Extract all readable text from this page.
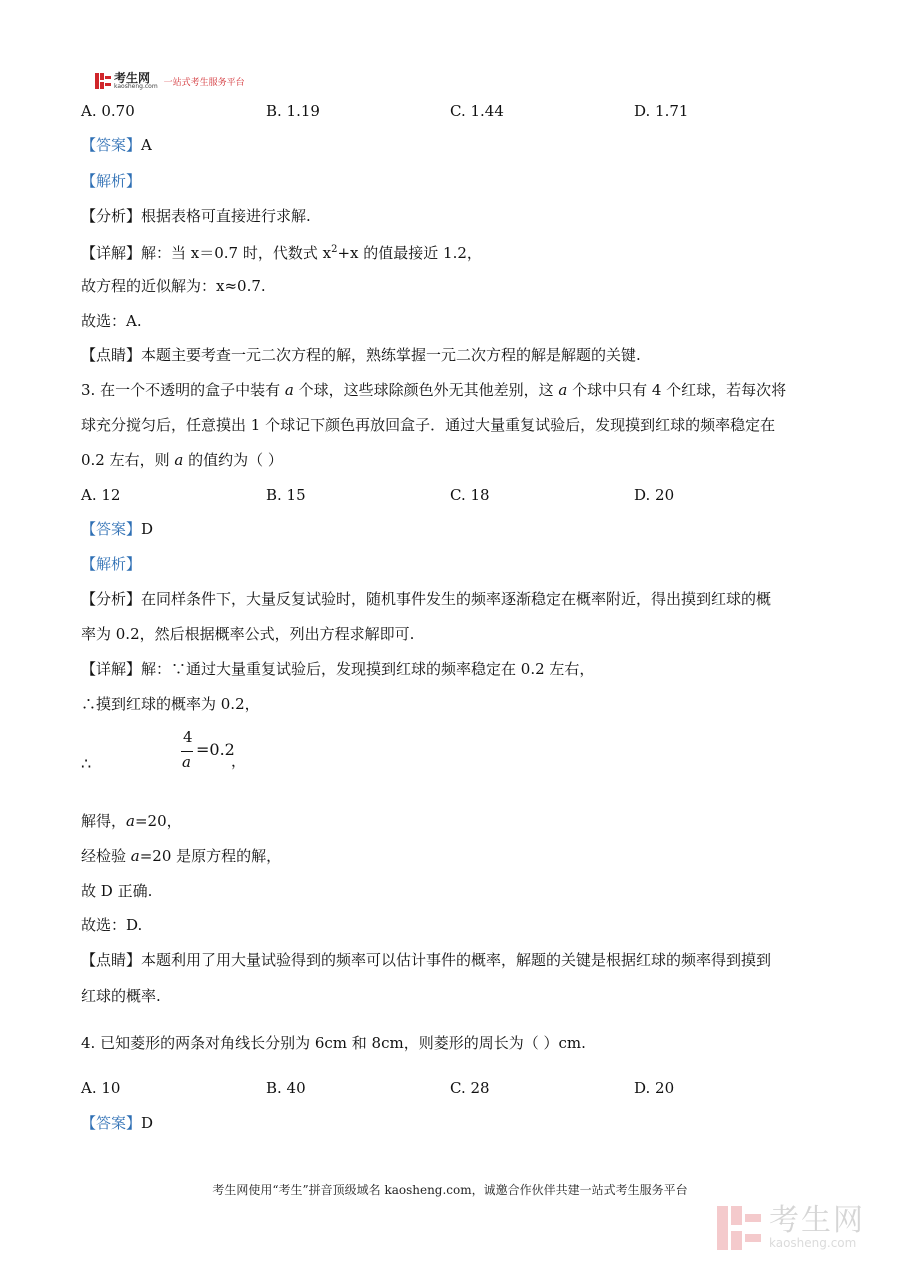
考生网
kaosheng.com 一站式考生服务平台
A. 0.70	B. 1.19	C. 1.44	D. 1.71
【答案】A
【解析】
【分析】根据表格可直接进行求解.
【详解】解：当 x＝0.7 时，代数式 $x^2+x$ 的值最接近 1.2，
故方程的近似解为：x≈0.7.
故选：A.
【点睛】本题主要考查一元二次方程的解，熟练掌握一元二次方程的解是解题的关键.
3. 在一个不透明的盒子中装有 a 个球，这些球除颜色外无其他差别，这 a 个球中只有 4 个红球，若每次将
球充分搅匀后，任意摸出 1 个球记下颜色再放回盒子．通过大量重复试验后，发现摸到红球的频率稳定在
0.2 左右，则 a 的值约为（ ）
A. 12	B. 15	C. 18	D. 20
【答案】D
【解析】
【分析】在同样条件下，大量反复试验时，随机事件发生的频率逐渐稳定在概率附近，得出摸到红球的概
率为 0.2，然后根据概率公式，列出方程求解即可.
【详解】解：∵通过大量重复试验后，发现摸到红球的频率稳定在 0.2 左右，
∴摸到红球的概率为 0.2，
∴
4
a
=0.2
，
解得，a=20，
经检验 a=20 是原方程的解，
故 D 正确.
故选：D.
【点睛】本题利用了用大量试验得到的频率可以估计事件的概率，解题的关键是根据红球的频率得到摸到
红球的概率.
4. 已知菱形的两条对角线长分别为 6cm 和 8cm，则菱形的周长为（ ）cm.
A. 10	B. 40	C. 28	D. 20
【答案】D
考生网使用“考生”拼音顶级域名 kaosheng.com，诚邀合作伙伴共建一站式考生服务平台
考生网
kaosheng.com
